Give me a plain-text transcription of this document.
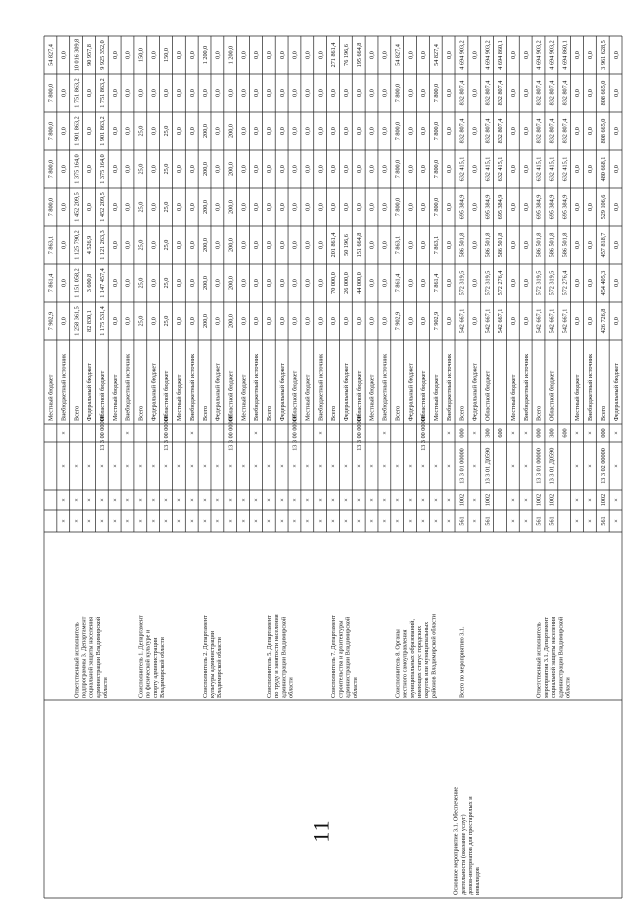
11
Местный бюджет
7 902,9
7 861,4
7 863,1
7 800,0
7 800,0
7 800,0
7 800,0
54 827,4
×
×
×
×
Внебюджетный источник
0,0
0,0
0,0
0,0
0,0
0,0
0,0
0,0
×
×
×
Всего
1 258 361,5
1 151 058,2
1 125 790,2
1 452 209,5
1 375 164,0
1 901 863,2
1 751 863,2
10 016 309,8
Ответственный исполнитель подпрограммы 3. Департамент социальной защиты населения администрации Владимирской области
×
×
×
Федеральный бюджет
82 830,1
3 600,8
4 526,9
0,0
0,0
0,0
0,0
90 957,8
×
×
×
13 3 00 00000
Областной бюджет
1 175 531,4
1 147 457,4
1 121 263,3
1 452 209,5
1 375 164,0
1 901 863,2
1 751 863,2
9 925 352,0
×
×
×
Местный бюджет
0,0
0,0
0,0
0,0
0,0
0,0
0,0
0,0
×
×
×
×
Внебюджетный источник
0,0
0,0
0,0
0,0
0,0
0,0
0,0
0,0
×
×
×
Всего
25,0
25,0
25,0
25,0
25,0
25,0
0,0
150,0
Соисполнитель 1. Департамент по физической культуре и спорту администрации Владимирской области
×
×
×
Федеральный бюджет
0,0
0,0
0,0
0,0
0,0
0,0
0,0
0,0
×
×
×
13 3 00 00000
Областной бюджет
25,0
25,0
25,0
25,0
25,0
25,0
0,0
150,0
×
×
×
Местный бюджет
0,0
0,0
0,0
0,0
0,0
0,0
0,0
0,0
×
×
×
×
Внебюджетный источник
0,0
0,0
0,0
0,0
0,0
0,0
0,0
0,0
×
×
×
Всего
200,0
200,0
200,0
200,0
200,0
200,0
0,0
1 200,0
Соисполнитель 2. Департамент культуры администрации Владимирской области
×
×
×
Федеральный бюджет
0,0
0,0
0,0
0,0
0,0
0,0
0,0
0,0
×
×
×
13 3 00 00000
Областной бюджет
200,0
200,0
200,0
200,0
200,0
200,0
0,0
1 200,0
×
×
×
Местный бюджет
0,0
0,0
0,0
0,0
0,0
0,0
0,0
0,0
×
×
×
×
Внебюджетный источник
0,0
0,0
0,0
0,0
0,0
0,0
0,0
0,0
×
×
×
Всего
0,0
0,0
0,0
0,0
0,0
0,0
0,0
0,0
Соисполнитель 5. Департамент по труду и занятости населения администрации Владимирской области
×
×
×
Федеральный бюджет
0,0
0,0
0,0
0,0
0,0
0,0
0,0
0,0
×
×
×
13 3 00 00000
Областной бюджет
0,0
0,0
0,0
0,0
0,0
0,0
0,0
0,0
×
×
×
Местный бюджет
0,0
0,0
0,0
0,0
0,0
0,0
0,0
0,0
×
×
×
×
Внебюджетный источник
0,0
0,0
0,0
0,0
0,0
0,0
0,0
0,0
×
×
×
Всего
0,0
70 000,0
201 861,4
0,0
0,0
0,0
0,0
271 861,4
Соисполнитель 7. Департамент строительства и архитектуры администрации Владимирской области
×
×
×
Федеральный бюджет
0,0
26 000,0
50 196,6
0,0
0,0
0,0
0,0
76 196,6
×
×
×
13 3 00 00000
Областной бюджет
0,0
44 000,0
151 664,8
0,0
0,0
0,0
0,0
195 664,8
×
×
×
Местный бюджет
0,0
0,0
0,0
0,0
0,0
0,0
0,0
0,0
×
×
×
×
Внебюджетный источник
0,0
0,0
0,0
0,0
0,0
0,0
0,0
0,0
×
×
×
Всего
7 902,9
7 861,4
7 863,1
7 800,0
7 800,0
7 800,0
7 800,0
54 827,4
Соисполнитель 8. Органы местного самоуправления муниципальных образований, имеющих статус городских округов или муниципальных районов Владимирской области
×
×
×
Федеральный бюджет
0,0
0,0
0,0
0,0
0,0
0,0
0,0
0,0
×
×
×
13 3 00 00000
Областной бюджет
0,0
0,0
0,0
0,0
0,0
0,0
0,0
0,0
×
×
×
Местный бюджет
7 902,9
7 861,4
7 863,1
7 800,0
7 800,0
7 800,0
7 800,0
54 827,4
×
×
×
×
Внебюджетный источник
0,0
0,0
0,0
0,0
0,0
0,0
0,0
0,0
561
1002
13 3 01 00000
000
Всего
542 667,1
572 319,5
586 501,8
695 384,9
632 415,1
832 807,4
832 807,4
4 694 903,2
Всего по мероприятию 3.1.
Основное мероприятие 3.1. Обеспечение деятельности (оказание услуг) домов-интернатов для престарелых и инвалидов
×
×
×
×
Федеральный бюджет
0,0
0,0
0,0
0,0
0,0
0,0
0,0
0,0
561
1002
13 3 01 Д0590
300
Областной бюджет
542 667,1
572 319,5
586 501,8
695 384,9
632 415,1
832 807,4
832 807,4
4 694 903,2
600
542 667,1
572 276,4
586 501,8
695 384,9
632 415,1
832 807,4
832 807,4
4 694 860,1
×
×
×
×
Местный бюджет
0,0
0,0
0,0
0,0
0,0
0,0
0,0
0,0
×
×
×
×
Внебюджетный источник
0,0
0,0
0,0
0,0
0,0
0,0
0,0
0,0
561
1002
13 3 01 00000
000
Всего
542 667,1
572 319,5
586 501,8
695 384,9
632 415,1
832 807,4
832 807,4
4 694 903,2
Ответственный исполнитель мероприятия 3.1. Департамент социальной защиты населения администрации Владимирской области
561
1002
13 3 01 Д0590
300
Областной бюджет
542 667,1
572 319,5
586 501,8
695 384,9
632 415,1
832 807,4
832 807,4
4 694 903,2
600
542 667,1
572 276,4
586 501,8
695 384,9
632 415,1
832 807,4
832 807,4
4 694 860,1
×
×
×
×
Местный бюджет
0,0
0,0
0,0
0,0
0,0
0,0
0,0
0,0
×
×
×
×
Внебюджетный источник
0,0
0,0
0,0
0,0
0,0
0,0
0,0
0,0
561
1002
13 3 02 00000
000
Всего
426 726,8
454 405,3
457 818,7
529 106,6
480 668,1
808 665,0
808 665,0
3 961 628,5
×
×
×
×
Федеральный бюджет
0,0
0,0
0,0
0,0
0,0
0,0
0,0
0,0
